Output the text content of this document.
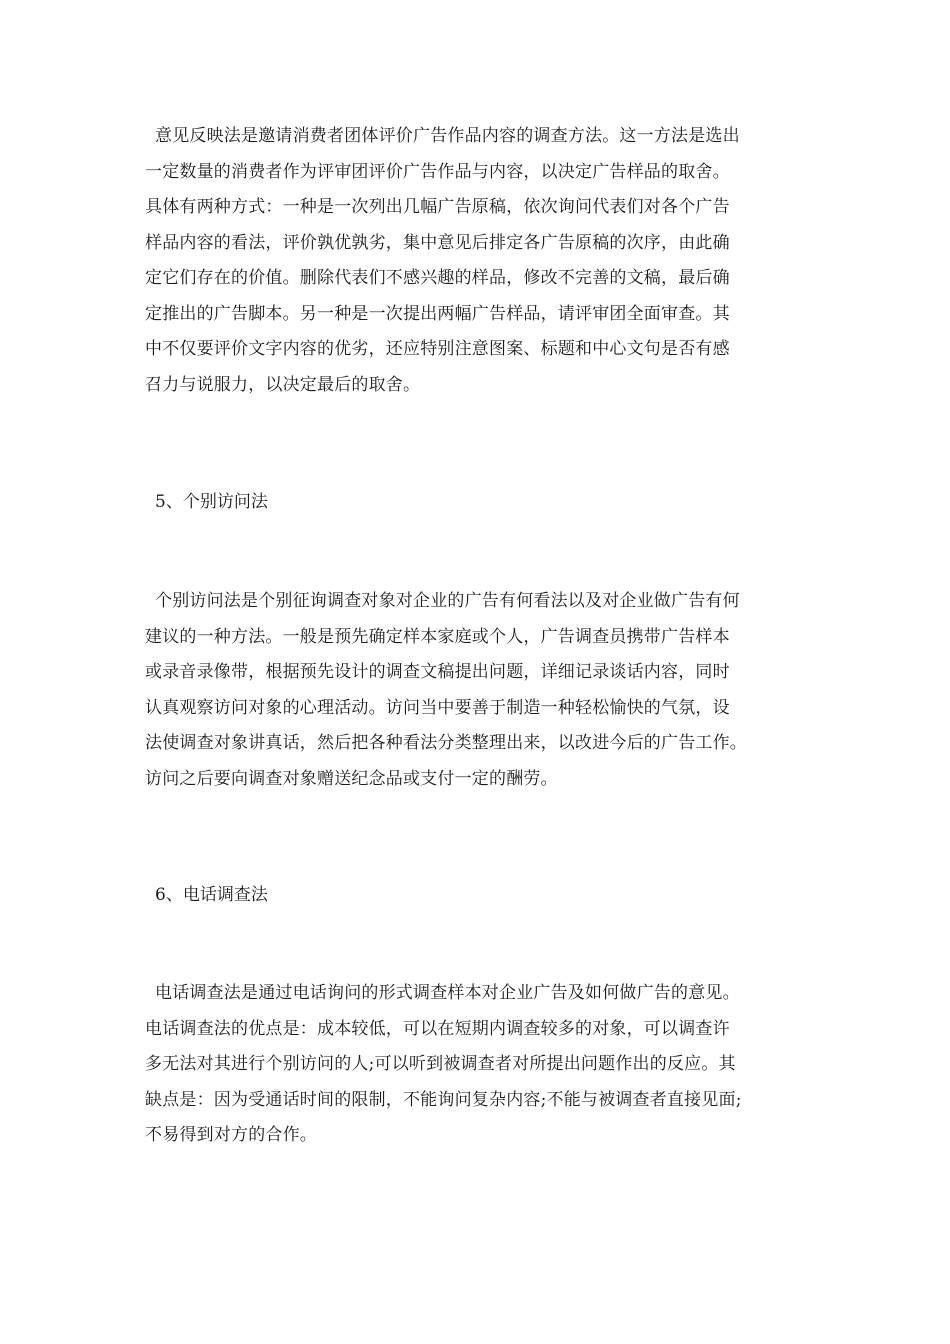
意见反映法是邀请消费者团体评价广告作品内容的调查方法。这一方法是选出
一定数量的消费者作为评审团评价广告作品与内容，以决定广告样品的取舍。
具体有两种方式：一种是一次列出几幅广告原稿，依次询问代表们对各个广告
样品内容的看法，评价孰优孰劣，集中意见后排定各广告原稿的次序，由此确
定它们存在的价值。删除代表们不感兴趣的样品，修改不完善的文稿，最后确
定推出的广告脚本。另一种是一次提出两幅广告样品，请评审团全面审查。其
中不仅要评价文字内容的优劣，还应特别注意图案、标题和中心文句是否有感
召力与说服力，以决定最后的取舍。
5、个别访问法
个别访问法是个别征询调查对象对企业的广告有何看法以及对企业做广告有何
建议的一种方法。一般是预先确定样本家庭或个人，广告调查员携带广告样本
或录音录像带，根据预先设计的调查文稿提出问题，详细记录谈话内容，同时
认真观察访问对象的心理活动。访问当中要善于制造一种轻松愉快的气氛，设
法使调查对象讲真话，然后把各种看法分类整理出来，以改进今后的广告工作。
访问之后要向调查对象赠送纪念品或支付一定的酬劳。
6、电话调查法
电话调查法是通过电话询问的形式调查样本对企业广告及如何做广告的意见。
电话调查法的优点是：成本较低，可以在短期内调查较多的对象，可以调查许
多无法对其进行个别访问的人;可以听到被调查者对所提出问题作出的反应。其
缺点是：因为受通话时间的限制，不能询问复杂内容;不能与被调查者直接见面;
不易得到对方的合作。
